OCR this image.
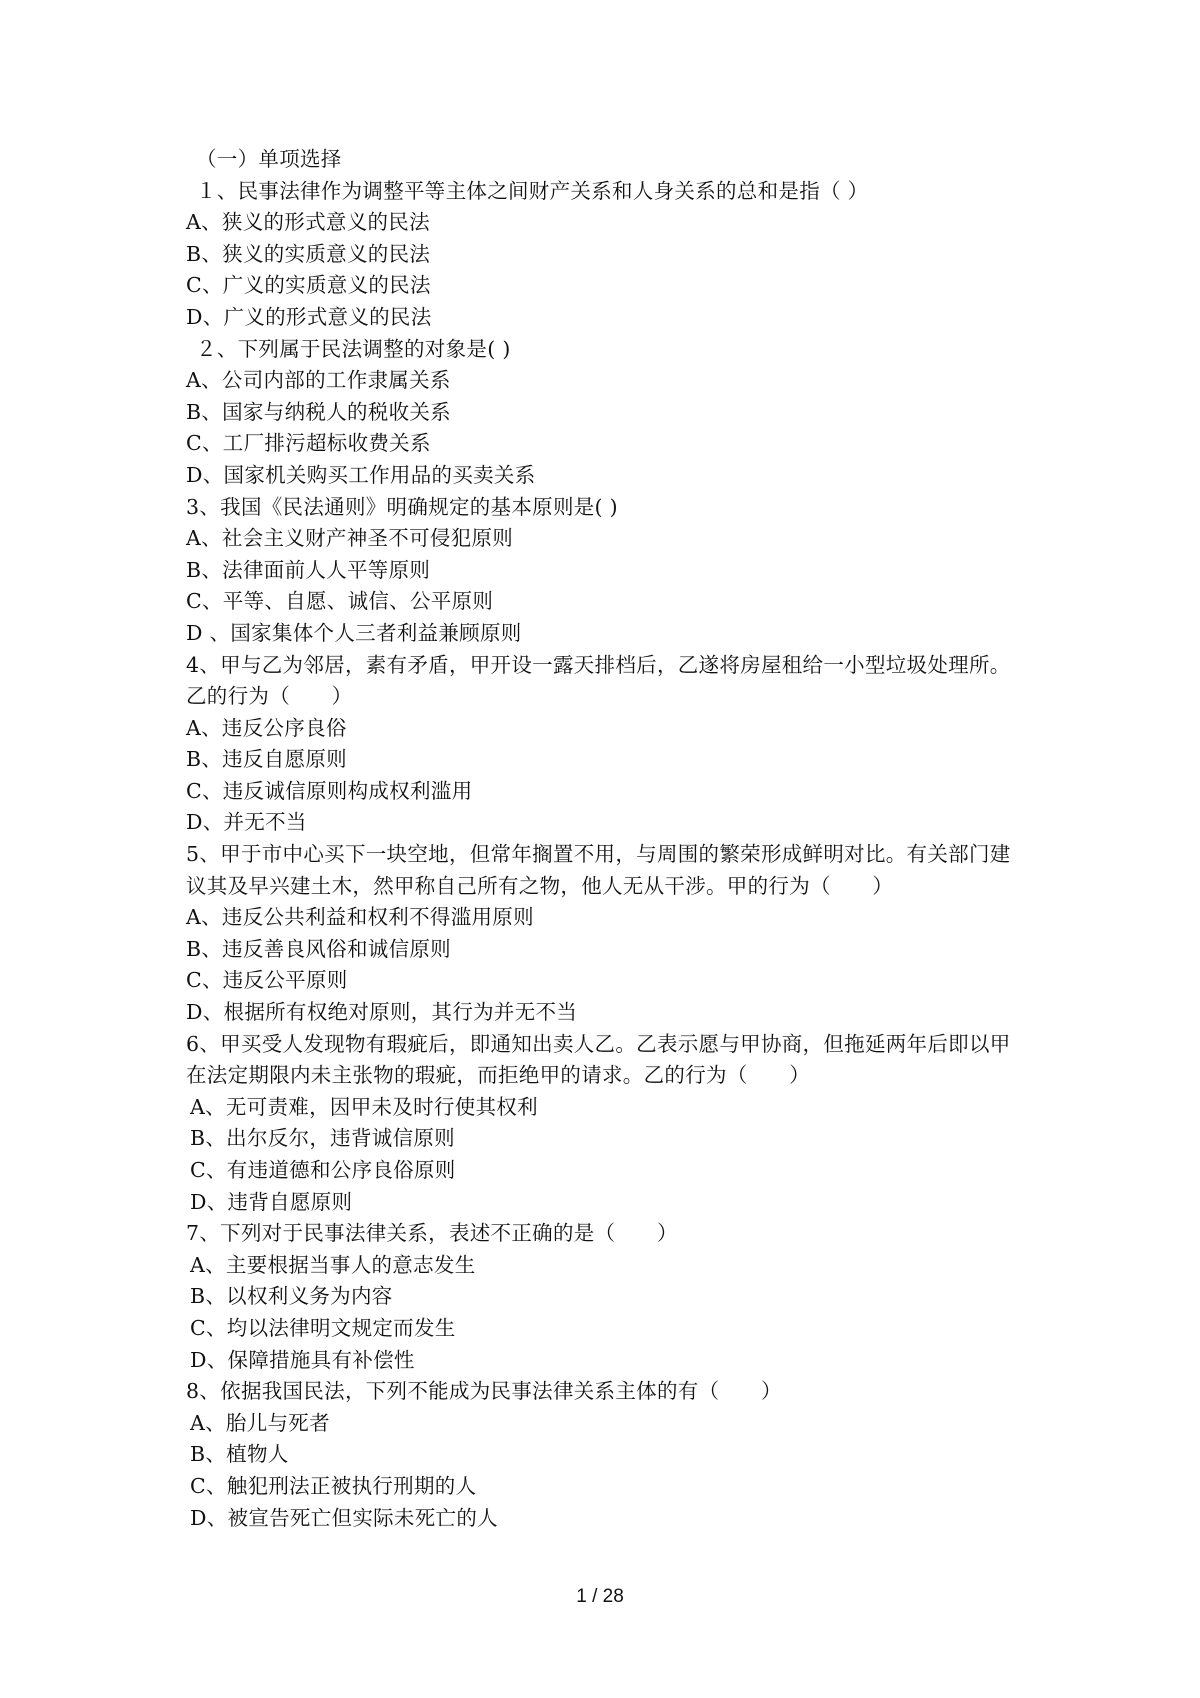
（一）单项选择
１、民事法律作为调整平等主体之间财产关系和人身关系的总和是指（ ）
A、狭义的形式意义的民法
B、狭义的实质意义的民法
C、广义的实质意义的民法
D、广义的形式意义的民法
２、下列属于民法调整的对象是( )
A、公司内部的工作隶属关系
B、国家与纳税人的税收关系
C、工厂排污超标收费关系
D、国家机关购买工作用品的买卖关系
3、我国《民法通则》明确规定的基本原则是( )
A、社会主义财产神圣不可侵犯原则
B、法律面前人人平等原则
C、平等、自愿、诚信、公平原则
D 、国家集体个人三者利益兼顾原则
4、甲与乙为邻居，素有矛盾，甲开设一露天排档后，乙遂将房屋租给一小型垃圾处理所。
乙的行为（　　）
A、违反公序良俗
B、违反自愿原则
C、违反诚信原则构成权利滥用
D、并无不当
5、甲于市中心买下一块空地，但常年搁置不用，与周围的繁荣形成鲜明对比。有关部门建
议其及早兴建土木，然甲称自己所有之物，他人无从干涉。甲的行为（　　）
A、违反公共利益和权利不得滥用原则
B、违反善良风俗和诚信原则
C、违反公平原则
D、根据所有权绝对原则，其行为并无不当
6、甲买受人发现物有瑕疵后，即通知出卖人乙。乙表示愿与甲协商，但拖延两年后即以甲
在法定期限内未主张物的瑕疵，而拒绝甲的请求。乙的行为（　　）
A、无可责难，因甲未及时行使其权利
B、出尔反尔，违背诚信原则
C、有违道德和公序良俗原则
D、违背自愿原则
7、下列对于民事法律关系，表述不正确的是（　　）
A、主要根据当事人的意志发生
B、以权利义务为内容
C、均以法律明文规定而发生
D、保障措施具有补偿性
8、依据我国民法，下列不能成为民事法律关系主体的有（　　）
A、胎儿与死者
B、植物人
C、触犯刑法正被执行刑期的人
D、被宣告死亡但实际未死亡的人
1 / 28
